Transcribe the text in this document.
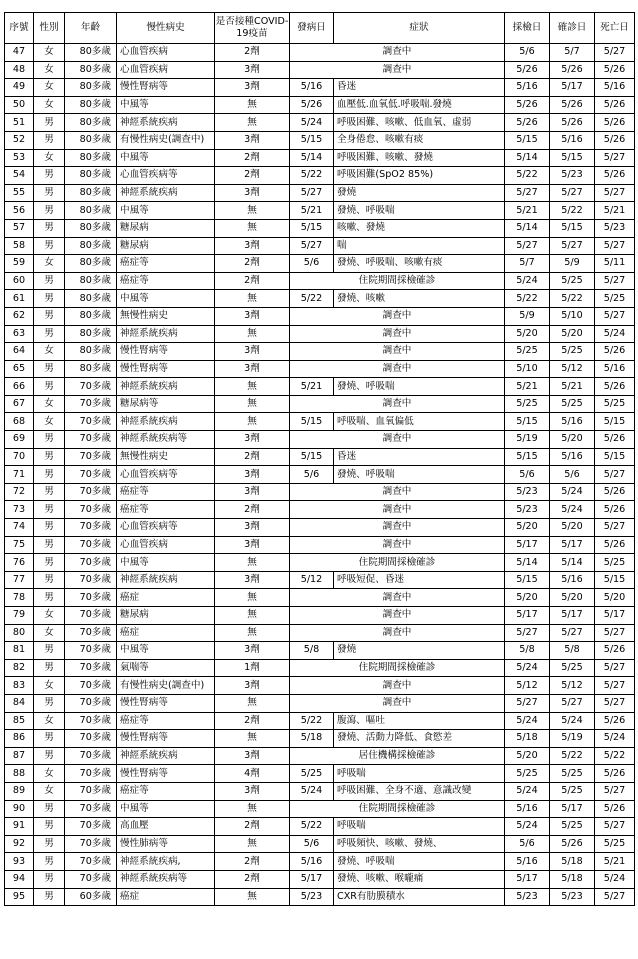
序號	性別	年齡	慢性病史	是否接種COVID-19疫苗	發病日	症狀	採檢日	確診日	死亡日
47	女	80多歲	心血管疾病	2劑	調查中		5/6	5/7	5/27
48	女	80多歲	心血管疾病	3劑	調查中		5/26	5/26	5/26
49	女	80多歲	慢性腎病等	3劑	5/16	昏迷	5/16	5/17	5/16
50	女	80多歲	中風等	無	5/26	血壓低.血氧低.呼吸喘.發燒	5/26	5/26	5/26
51	男	80多歲	神經系統疾病	無	5/24	呼吸困難、咳嗽、低血氧、虛弱	5/26	5/26	5/26
52	男	80多歲	有慢性病史(調查中)	3劑	5/15	全身倦怠、咳嗽有痰	5/15	5/16	5/26
53	女	80多歲	中風等	2劑	5/14	呼吸困難、咳嗽、發燒	5/14	5/15	5/27
54	男	80多歲	心血管疾病等	2劑	5/22	呼吸困難(SpO2 85%)	5/22	5/23	5/26
55	男	80多歲	神經系統疾病	3劑	5/27	發燒	5/27	5/27	5/27
56	男	80多歲	中風等	無	5/21	發燒、呼吸喘	5/21	5/22	5/21
57	男	80多歲	糖尿病	無	5/15	咳嗽、發燒	5/14	5/15	5/23
58	男	80多歲	糖尿病	3劑	5/27	喘	5/27	5/27	5/27
59	女	80多歲	癌症等	2劑	5/6	發燒、呼吸喘、咳嗽有痰	5/7	5/9	5/11
60	男	80多歲	癌症等	2劑	住院期間採檢確診		5/24	5/25	5/27
61	男	80多歲	中風等	無	5/22	發燒、咳嗽	5/22	5/22	5/25
62	男	80多歲	無慢性病史	3劑	調查中		5/9	5/10	5/27
63	男	80多歲	神經系統疾病	無	調查中		5/20	5/20	5/24
64	女	80多歲	慢性腎病等	3劑	調查中		5/25	5/25	5/26
65	男	80多歲	慢性腎病等	3劑	調查中		5/10	5/12	5/16
66	男	70多歲	神經系統疾病	無	5/21	發燒、呼吸喘	5/21	5/21	5/26
67	女	70多歲	糖尿病等	無	調查中		5/25	5/25	5/25
68	女	70多歲	神經系統疾病	無	5/15	呼吸喘、血氧偏低	5/15	5/16	5/15
69	男	70多歲	神經系統疾病等	3劑	調查中		5/19	5/20	5/26
70	男	70多歲	無慢性病史	2劑	5/15	昏迷	5/15	5/16	5/15
71	男	70多歲	心血管疾病等	3劑	5/6	發燒、呼吸喘	5/6	5/6	5/27
72	男	70多歲	癌症等	3劑	調查中		5/23	5/24	5/26
73	男	70多歲	癌症等	2劑	調查中		5/23	5/24	5/26
74	男	70多歲	心血管疾病等	3劑	調查中		5/20	5/20	5/27
75	男	70多歲	心血管疾病	3劑	調查中		5/17	5/17	5/26
76	男	70多歲	中風等	無	住院期間採檢確診		5/14	5/14	5/25
77	男	70多歲	神經系統疾病	3劑	5/12	呼吸短促、昏迷	5/15	5/16	5/15
78	男	70多歲	癌症	無	調查中		5/20	5/20	5/20
79	女	70多歲	糖尿病	無	調查中		5/17	5/17	5/17
80	女	70多歲	癌症	無	調查中		5/27	5/27	5/27
81	男	70多歲	中風等	3劑	5/8	發燒	5/8	5/8	5/26
82	男	70多歲	氣喘等	1劑	住院期間採檢確診		5/24	5/25	5/27
83	女	70多歲	有慢性病史(調查中)	3劑	調查中		5/12	5/12	5/27
84	男	70多歲	慢性腎病等	無	調查中		5/27	5/27	5/27
85	女	70多歲	癌症等	2劑	5/22	腹瀉、嘔吐	5/24	5/24	5/26
86	男	70多歲	慢性腎病等	無	5/18	發燒、活動力降低、食慾差	5/18	5/19	5/24
87	男	70多歲	神經系統疾病	3劑	居住機構採檢確診		5/20	5/22	5/22
88	女	70多歲	慢性腎病等	4劑	5/25	呼吸喘	5/25	5/25	5/26
89	女	70多歲	癌症等	3劑	5/24	呼吸困難、全身不適、意識改變	5/24	5/25	5/27
90	男	70多歲	中風等	無	住院期間採檢確診		5/16	5/17	5/26
91	男	70多歲	高血壓	2劑	5/22	呼吸喘	5/24	5/25	5/27
92	男	70多歲	慢性肺病等	無	5/6	呼吸頻快、咳嗽、發燒、	5/6	5/26	5/25
93	男	70多歲	神經系統疾病,	2劑	5/16	發燒、呼吸喘	5/16	5/18	5/21
94	男	70多歲	神經系統疾病等	2劑	5/17	發燒、咳嗽、喉嚨痛	5/17	5/18	5/24
95	男	60多歲	癌症	無	5/23	CXR有肋膜積水	5/23	5/23	5/27
